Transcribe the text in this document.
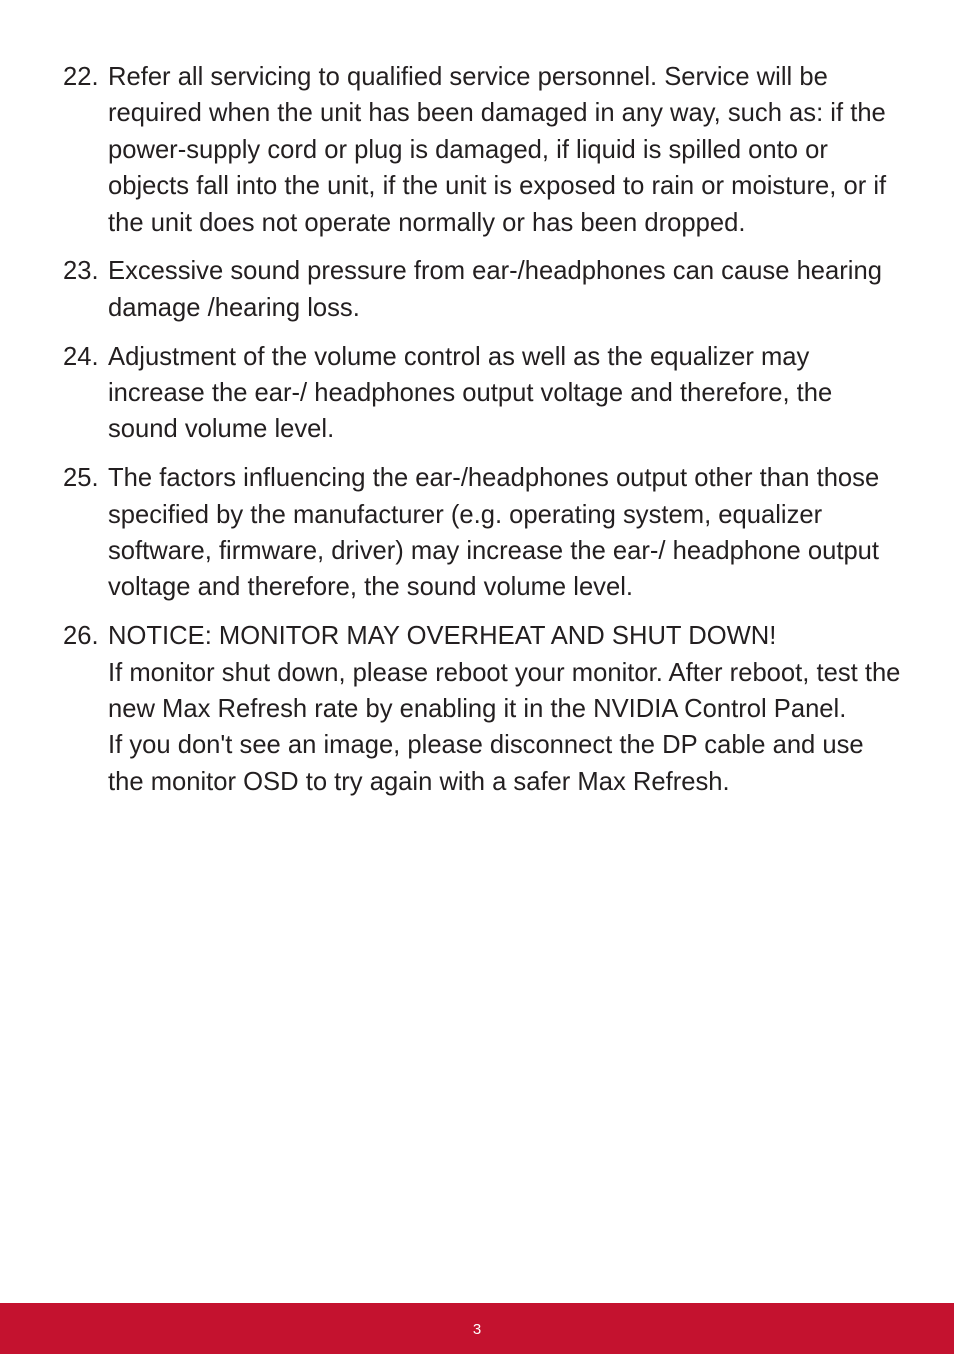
22. Refer all servicing to qualified service personnel. Service will be required when the unit has been damaged in any way, such as: if the power-supply cord or plug is damaged, if liquid is spilled onto or objects fall into the unit, if the unit is exposed to rain or moisture, or if the unit does not operate normally or has been dropped.

23. Excessive sound pressure from ear-/headphones can cause hearing damage /hearing loss.

24. Adjustment of the volume control as well as the equalizer may increase the ear-/ headphones output voltage and therefore, the sound volume level.

25. The factors influencing the ear-/headphones output other than those specified by the manufacturer (e.g. operating system, equalizer software, firmware, driver) may increase the ear-/ headphone output voltage and therefore, the sound volume level.

26. NOTICE: MONITOR MAY OVERHEAT AND SHUT DOWN!

If monitor shut down, please reboot your monitor. After reboot, test the new Max Refresh rate by enabling it in the NVIDIA Control Panel.

If you don't see an image, please disconnect the DP cable and use the monitor OSD to try again with a safer Max Refresh.

3
